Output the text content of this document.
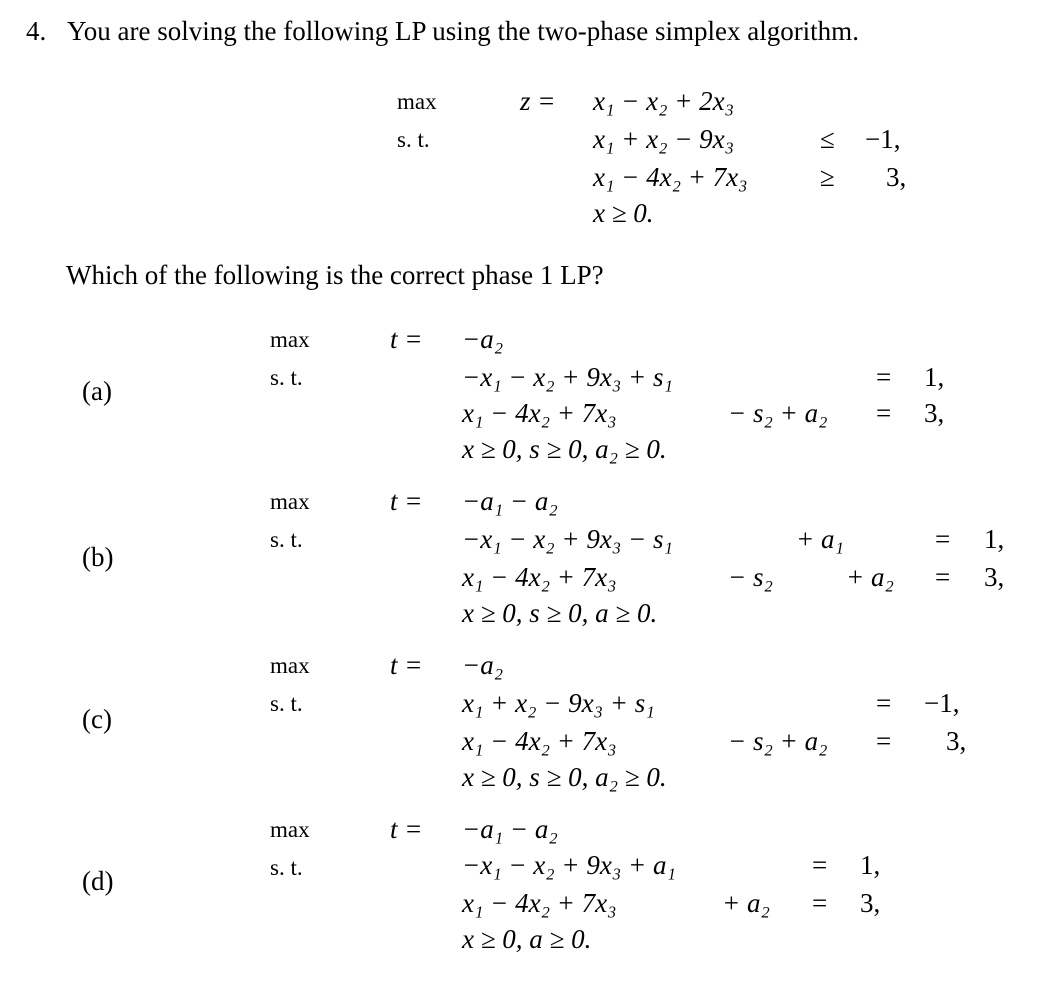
4. You are solving the following LP using the two-phase simplex algorithm.
max	z = x₁ − x₂ + 2x₃
s. t.	x₁ + x₂ − 9x₃	≤ −1,
x₁ − 4x₂ + 7x₃	≥ 3,
x ≥ 0.
Which of the following is the correct phase 1 LP?
(a)
max	t = −a₂
s. t.	−x₁ − x₂ + 9x₃ + s₁	= 1,
x₁ − 4x₂ + 7x₃	− s₂ + a₂ = 3,
x ≥ 0, s ≥ 0, a₂ ≥ 0.
(b)
max	t = −a₁ − a₂
s. t.	−x₁ − x₂ + 9x₃ − s₁	+ a₁	= 1,
x₁ − 4x₂ + 7x₃	− s₂	+ a₂ = 3,
x ≥ 0, s ≥ 0, a ≥ 0.
(c)
max	t = −a₂
s. t.	x₁ + x₂ − 9x₃ + s₁	= −1,
x₁ − 4x₂ + 7x₃	− s₂ + a₂ = 3,
x ≥ 0, s ≥ 0, a₂ ≥ 0.
(d)
max	t = −a₁ − a₂
s. t.	−x₁ − x₂ + 9x₃ + a₁	= 1,
x₁ − 4x₂ + 7x₃	+ a₂ = 3,
x ≥ 0, a ≥ 0.
